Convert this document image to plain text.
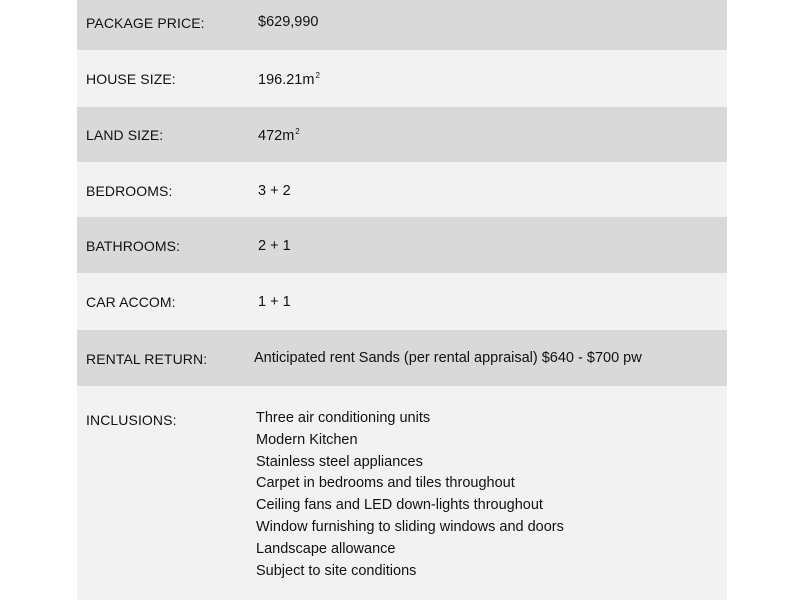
PACKAGE PRICE:	$629,990
HOUSE SIZE:	$196.21m^2$
LAND SIZE:	$472m^2$
BEDROOMS:	3 + 2
BATHROOMS:	2 + 1
CAR ACCOM:	1 + 1
RENTAL RETURN:	Anticipated rent Sands (per rental appraisal) $640 - $700 pw
INCLUSIONS:	Three air conditioning units
Modern Kitchen
Stainless steel appliances
Carpet in bedrooms and tiles throughout
Ceiling fans and LED down-lights throughout
Window furnishing to sliding windows and doors
Landscape allowance
Subject to site conditions
